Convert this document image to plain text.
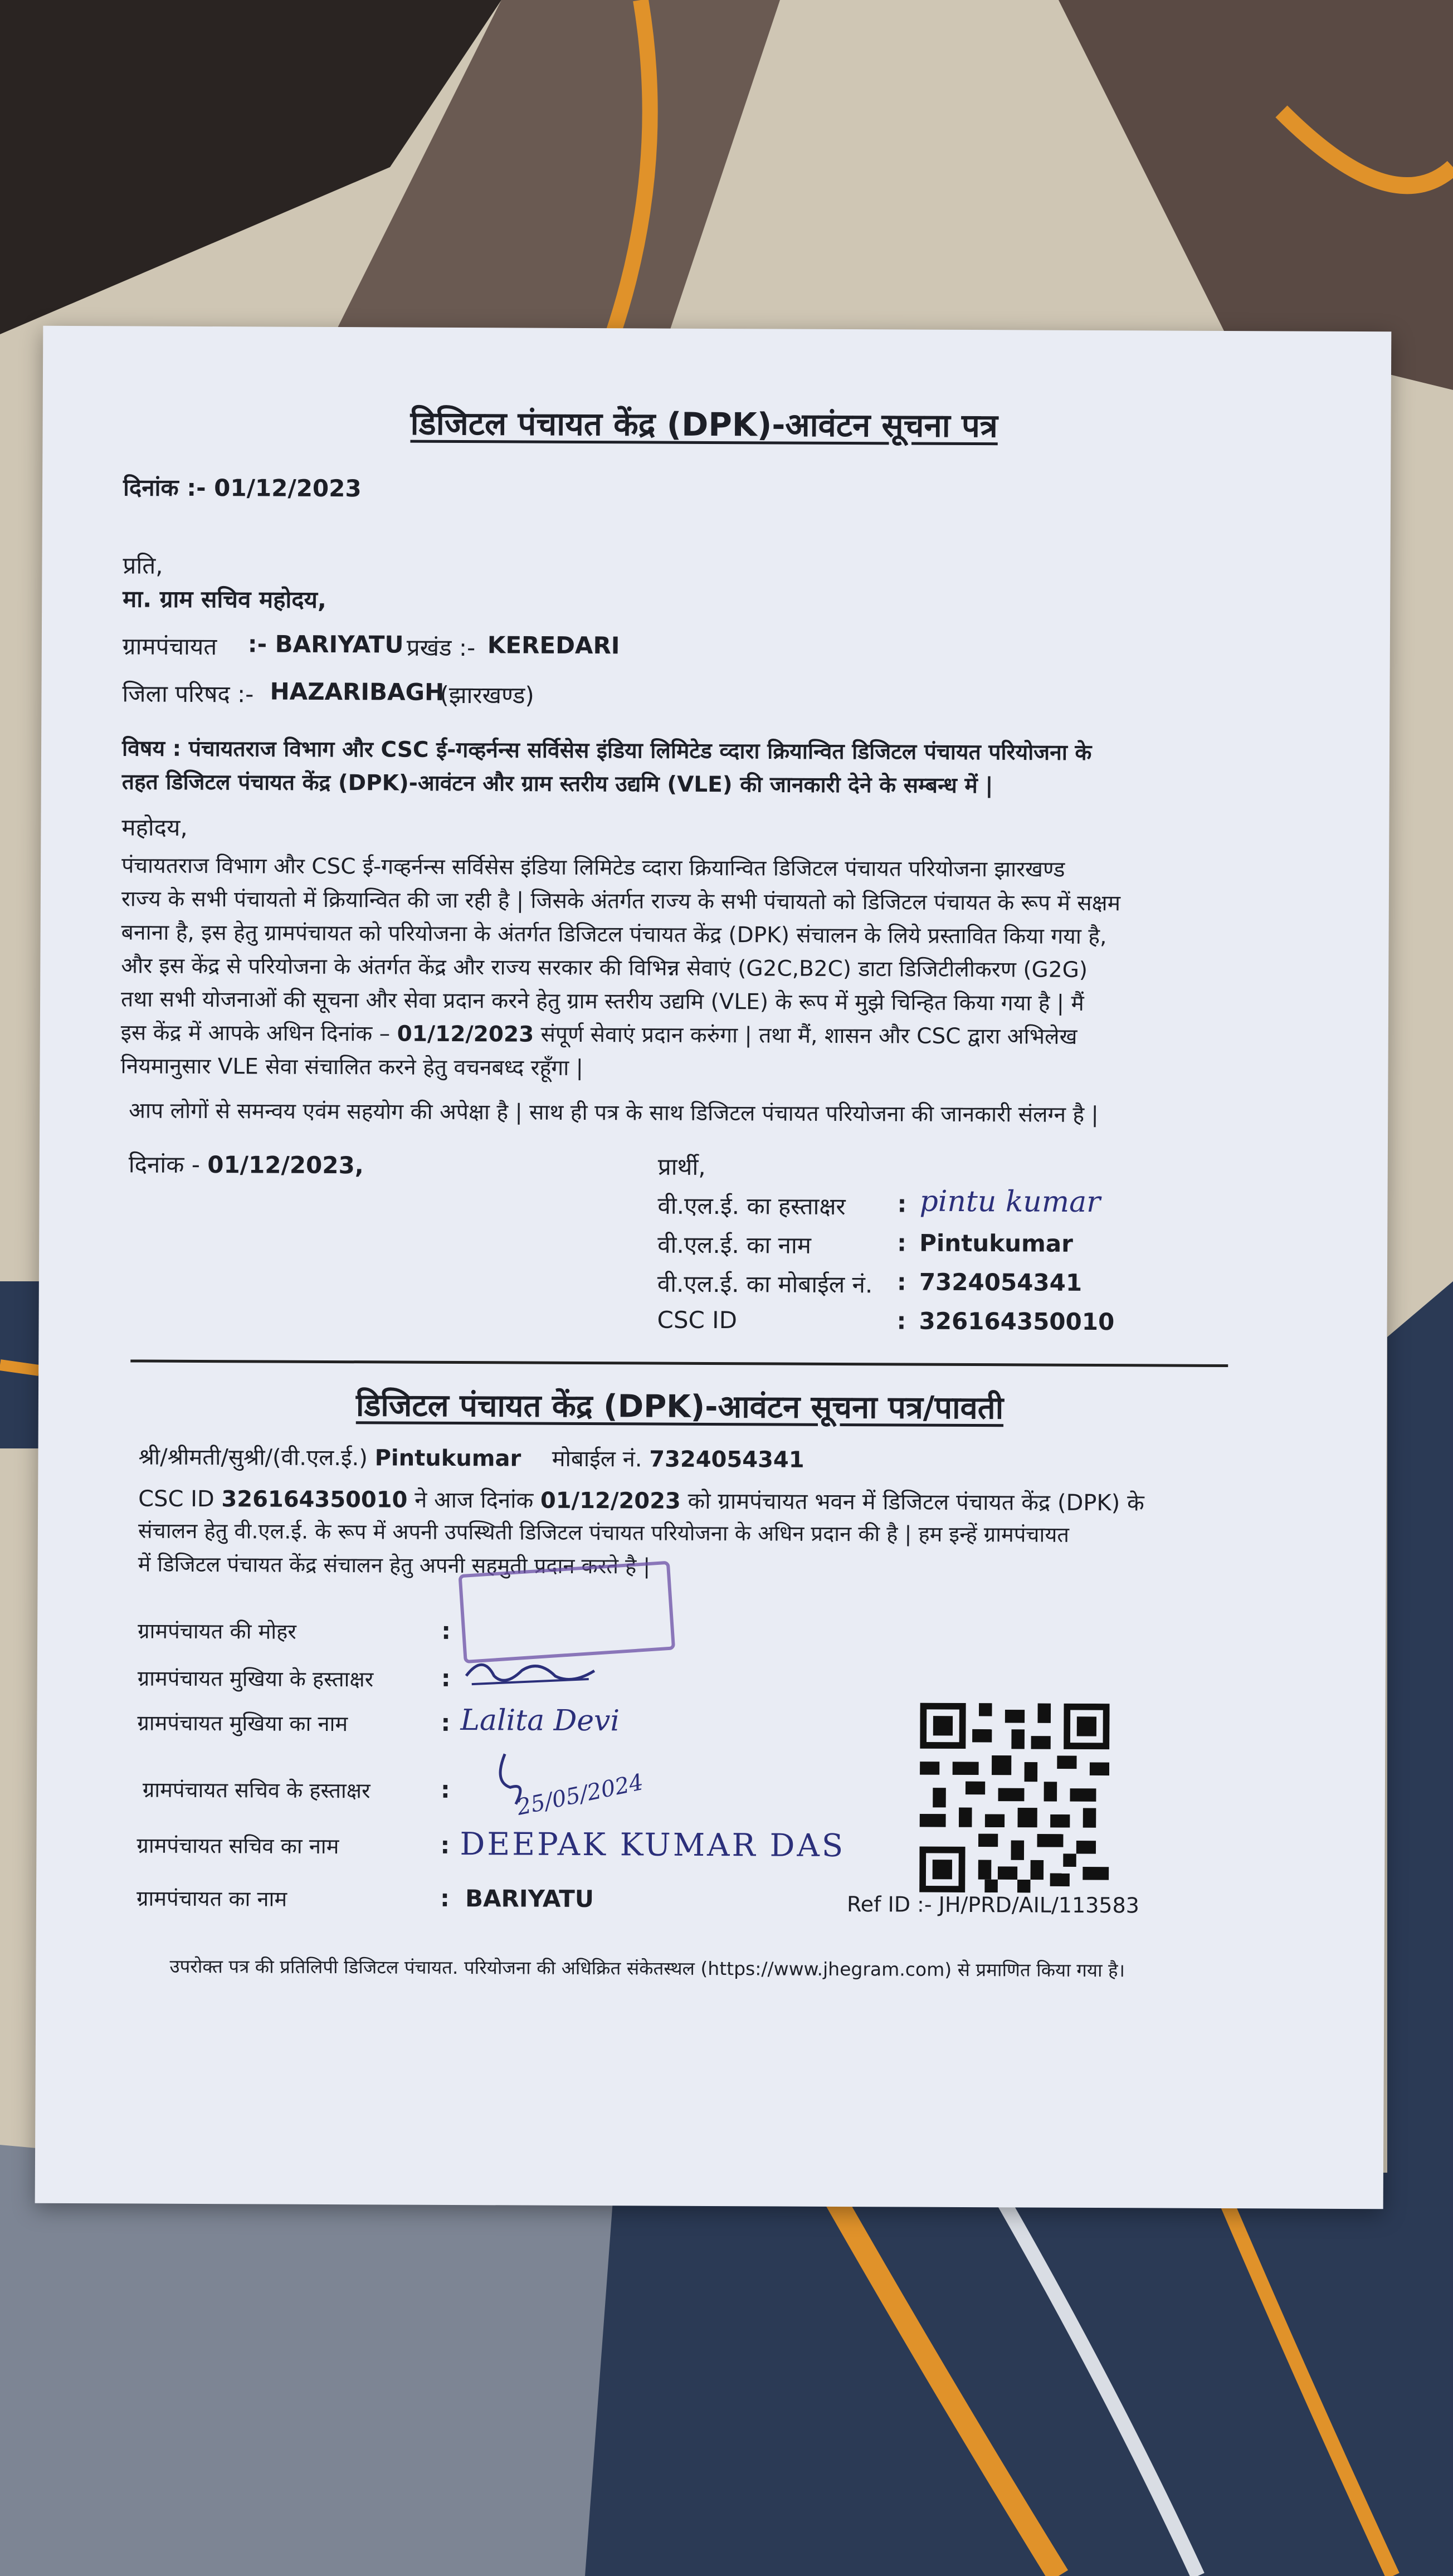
डिजिटल पंचायत केंद्र (DPK)-आवंटन सूचना पत्र
दिनांक :- 01/12/2023
प्रति,
मा. ग्राम सचिव महोदय,
ग्रामपंचायत :- BARIYATU प्रखंड :- KEREDARI
जिला परिषद :- HAZARIBAGH
(झारखण्ड)
विषय : पंचायतराज विभाग और CSC ई-गव्हर्नन्स सर्विसेस इंडिया लिमिटेड व्दारा क्रियान्वित डिजिटल पंचायत परियोजना के
तहत डिजिटल पंचायत केंद्र (DPK)-आवंटन और ग्राम स्तरीय उद्यमि (VLE) की जानकारी देने के सम्बन्ध में |
महोदय,
पंचायतराज विभाग और CSC ई-गव्हर्नन्स सर्विसेस इंडिया लिमिटेड व्दारा क्रियान्वित डिजिटल पंचायत परियोजना झारखण्ड
राज्य के सभी पंचायतो में क्रियान्वित की जा रही है | जिसके अंतर्गत राज्य के सभी पंचायतो को डिजिटल पंचायत के रूप में सक्षम
बनाना है, इस हेतु ग्रामपंचायत को परियोजना के अंतर्गत डिजिटल पंचायत केंद्र (DPK) संचालन के लिये प्रस्तावित किया गया है,
और इस केंद्र से परियोजना के अंतर्गत केंद्र और राज्य सरकार की विभिन्न सेवाएं (G2C,B2C) डाटा डिजिटीलीकरण (G2G)
तथा सभी योजनाओं की सूचना और सेवा प्रदान करने हेतु ग्राम स्तरीय उद्यमि (VLE) के रूप में मुझे चिन्हित किया गया है | मैं
इस केंद्र में आपके अधिन दिनांक – 01/12/2023 संपूर्ण सेवाएं प्रदान करुंगा | तथा मैं, शासन और CSC द्वारा अभिलेख
नियमानुसार VLE सेवा संचालित करने हेतु वचनबध्द रहूँगा |
आप लोगों से समन्वय एवंम सहयोग की अपेक्षा है | साथ ही पत्र के साथ डिजिटल पंचायत परियोजना की जानकारी संलग्न है |
दिनांक - 01/12/2023,	प्रार्थी,
वी.एल.ई. का हस्ताक्षर : pintu kumar
वी.एल.ई. का नाम	: Pintukumar
वी.एल.ई. का मोबाईल नं. : 7324054341
CSC ID	: 326164350010
डिजिटल पंचायत केंद्र (DPK)-आवंटन सूचना पत्र/पावती
श्री/श्रीमती/सुश्री/(वी.एल.ई.) Pintukumar मोबाईल नं. 7324054341
CSC ID 326164350010 ने आज दिनांक 01/12/2023 को ग्रामपंचायत भवन में डिजिटल पंचायत केंद्र (DPK) के
संचालन हेतु वी.एल.ई. के रूप में अपनी उपस्थिती डिजिटल पंचायत परियोजना के अधिन प्रदान की है | हम इन्हें ग्रामपंचायत
में डिजिटल पंचायत केंद्र संचालन हेतु अपनी सहमुती प्रदान करते है |
ग्रामपंचायत की मोहर	:
ग्रामपंचायत मुखिया के हस्ताक्षर	:
ग्रामपंचायत मुखिया का नाम	: Lalita Devi
ग्रामपंचायत सचिव के हस्ताक्षर	:	25/05/2024
ग्रामपंचायत सचिव का नाम	: DEEPAK KUMAR DAS
ग्रामपंचायत का नाम	: BARIYATU	Ref ID :- JH/PRD/AIL/113583
उपरोक्त पत्र की प्रतिलिपी डिजिटल पंचायत. परियोजना की अधिक्रित संकेतस्थल (https://www.jhegram.com) से प्रमाणित किया गया है।
